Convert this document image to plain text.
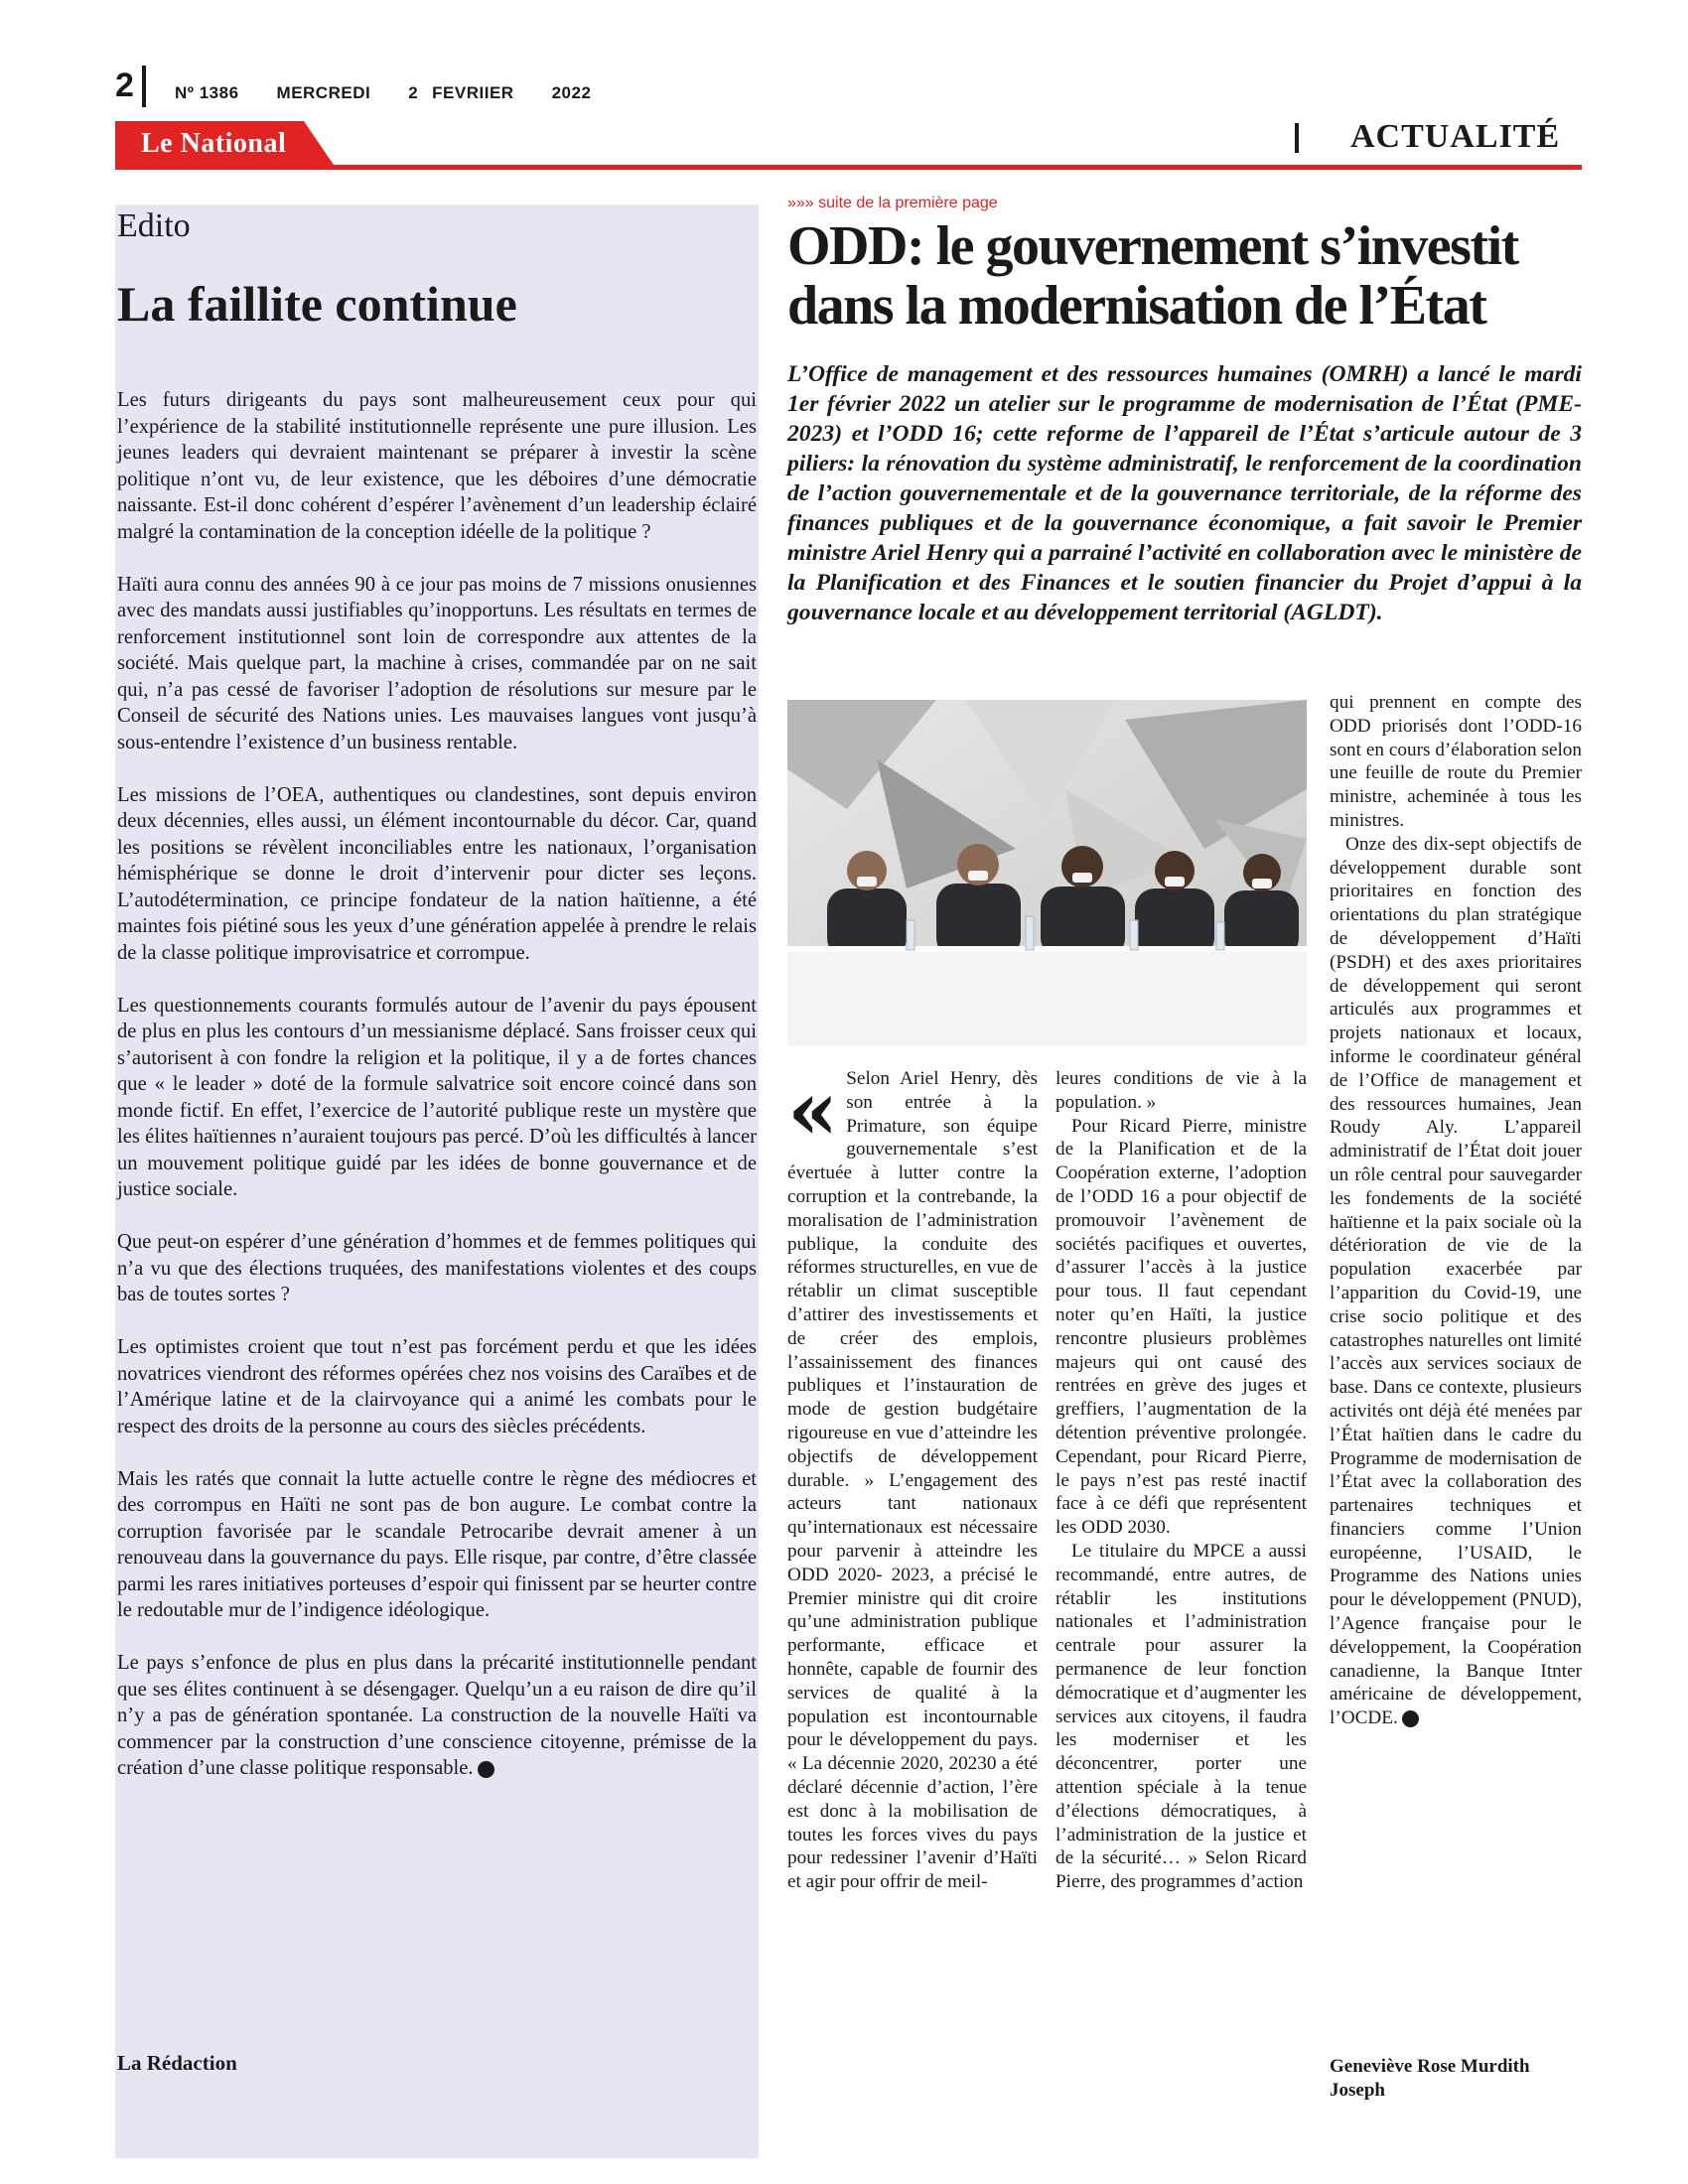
2 Nº 1386 MERCREDI 2 FEVRIIER 2022
Le National	ACTUALITÉ
Edito
La faillite continue

Les futurs dirigeants du pays sont malheureusement ceux pour qui l’expérience de la stabilité institutionnelle représente une pure illusion. Les jeunes leaders qui devraient maintenant se préparer à investir la scène politique n’ont vu, de leur existence, que les déboires d’une démocratie naissante. Est-il donc cohérent d’espérer l’avènement d’un leadership éclairé malgré la contamination de la conception idéelle de la politique ?

Haïti aura connu des années 90 à ce jour pas moins de 7 missions onusiennes avec des mandats aussi justifiables qu’inopportuns. Les résultats en termes de renforcement institutionnel sont loin de correspondre aux attentes de la société. Mais quelque part, la machine à crises, commandée par on ne sait qui, n’a pas cessé de favoriser l’adoption de résolutions sur mesure par le Conseil de sécurité des Nations unies. Les mauvaises langues vont jusqu’à sous-entendre l’existence d’un business rentable.

Les missions de l’OEA, authentiques ou clandestines, sont depuis environ deux décennies, elles aussi, un élément incontournable du décor. Car, quand les positions se révèlent inconciliables entre les nationaux, l’organisation hémisphérique se donne le droit d’intervenir pour dicter ses leçons. L’autodétermination, ce principe fondateur de la nation haïtienne, a été maintes fois piétiné sous les yeux d’une génération appelée à prendre le relais de la classe politique improvisatrice et corrompue.

Les questionnements courants formulés autour de l’avenir du pays épousent de plus en plus les contours d’un messianisme déplacé. Sans froisser ceux qui s’autorisent à con fondre la religion et la politique, il y a de fortes chances que « le leader » doté de la formule salvatrice soit encore coincé dans son monde fictif. En effet, l’exercice de l’autorité publique reste un mystère que les élites haïtiennes n’auraient toujours pas percé. D’où les difficultés à lancer un mouvement politique guidé par les idées de bonne gouvernance et de justice sociale.

Que peut-on espérer d’une génération d’hommes et de femmes politiques qui n’a vu que des élections truquées, des manifestations violentes et des coups bas de toutes sortes ?

Les optimistes croient que tout n’est pas forcément perdu et que les idées novatrices viendront des réformes opérées chez nos voisins des Caraïbes et de l’Amérique latine et de la clairvoyance qui a animé les combats pour le respect des droits de la personne au cours des siècles précédents.

Mais les ratés que connait la lutte actuelle contre le règne des médiocres et des corrompus en Haïti ne sont pas de bon augure. Le combat contre la corruption favorisée par le scandale Petrocaribe devrait amener à un renouveau dans la gouvernance du pays. Elle risque, par contre, d’être classée parmi les rares initiatives porteuses d’espoir qui finissent par se heurter contre le redoutable mur de l’indigence idéologique.

Le pays s’enfonce de plus en plus dans la précarité institutionnelle pendant que ses élites continuent à se désengager. Quelqu’un a eu raison de dire qu’il n’y a pas de génération spontanée. La construction de la nouvelle Haïti va commencer par la construction d’une conscience citoyenne, prémisse de la création d’une classe politique responsable.

La Rédaction
»»» suite de la première page
ODD: le gouvernement s’investit dans la modernisation de l’État
L’Office de management et des ressources humaines (OMRH) a lancé le mardi 1er février 2022 un atelier sur le programme de modernisation de l’État (PME-2023) et l’ODD 16; cette reforme de l’appareil de l’État s’articule autour de 3 piliers: la rénovation du système administratif, le renforcement de la coordination de l’action gouvernementale et de la gouvernance territoriale, de la réforme des finances publiques et de la gouvernance économique, a fait savoir le Premier ministre Ariel Henry qui a parrainé l’activité en collaboration avec le ministère de la Planification et des Finances et le soutien financier du Projet d’appui à la gouvernance locale et au développement territorial (AGLDT).
« Selon Ariel Henry, dès son entrée à la Primature, son équipe gouvernementale s’est évertuée à lutter contre la corruption et la contrebande, la moralisation de l’administration publique, la conduite des réformes structurelles, en vue de rétablir un climat susceptible d’attirer des investissements et de créer des emplois, l’assainissement des finances publiques et l’instauration de mode de gestion budgétaire rigoureuse en vue d’atteindre les objectifs de développement durable. » L’engagement des acteurs tant nationaux qu’internationaux est nécessaire pour parvenir à atteindre les ODD 2020- 2023, a précisé le Premier ministre qui dit croire qu’une administration publique performante, efficace et honnête, capable de fournir des services de qualité à la population est incontournable pour le développement du pays. « La décennie 2020, 20230 a été déclaré décennie d’action, l’ère est donc à la mobilisation de toutes les forces vives du pays pour redessiner l’avenir d’Haïti et agir pour offrir de meil-

leures conditions de vie à la population. »

Pour Ricard Pierre, ministre de la Planification et de la Coopération externe, l’adoption de l’ODD 16 a pour objectif de promouvoir l’avènement de sociétés pacifiques et ouvertes, d’assurer l’accès à la justice pour tous. Il faut cependant noter qu’en Haïti, la justice rencontre plusieurs problèmes majeurs qui ont causé des rentrées en grève des juges et greffiers, l’augmentation de la détention préventive prolongée. Cependant, pour Ricard Pierre, le pays n’est pas resté inactif face à ce défi que représentent les ODD 2030.

Le titulaire du MPCE a aussi recommandé, entre autres, de rétablir les institutions nationales et l’administration centrale pour assurer la permanence de leur fonction démocratique et d’augmenter les services aux citoyens, il faudra les moderniser et les déconcentrer, porter une attention spéciale à la tenue d’élections démocratiques, à l’administration de la justice et de la sécurité… » Selon Ricard Pierre, des programmes d’action

qui prennent en compte des ODD priorisés dont l’ODD-16 sont en cours d’élaboration selon une feuille de route du Premier ministre, acheminée à tous les ministres.

Onze des dix-sept objectifs de développement durable sont prioritaires en fonction des orientations du plan stratégique de développement d’Haïti (PSDH) et des axes prioritaires de développement qui seront articulés aux programmes et projets nationaux et locaux, informe le coordinateur général de l’Office de management et des ressources humaines, Jean Roudy Aly. L’appareil administratif de l’État doit jouer un rôle central pour sauvegarder les fondements de la société haïtienne et la paix sociale où la détérioration de vie de la population exacerbée par l’apparition du Covid-19, une crise socio politique et des catastrophes naturelles ont limité l’accès aux services sociaux de base. Dans ce contexte, plusieurs activités ont déjà été menées par l’État haïtien dans le cadre du Programme de modernisation de l’État avec la collaboration des partenaires techniques et financiers comme l’Union européenne, l’USAID, le Programme des Nations unies pour le développement (PNUD), l’Agence française pour le développement, la Coopération canadienne, la Banque Itnter américaine de développement, l’OCDE.

Geneviève Rose Murdith Joseph
